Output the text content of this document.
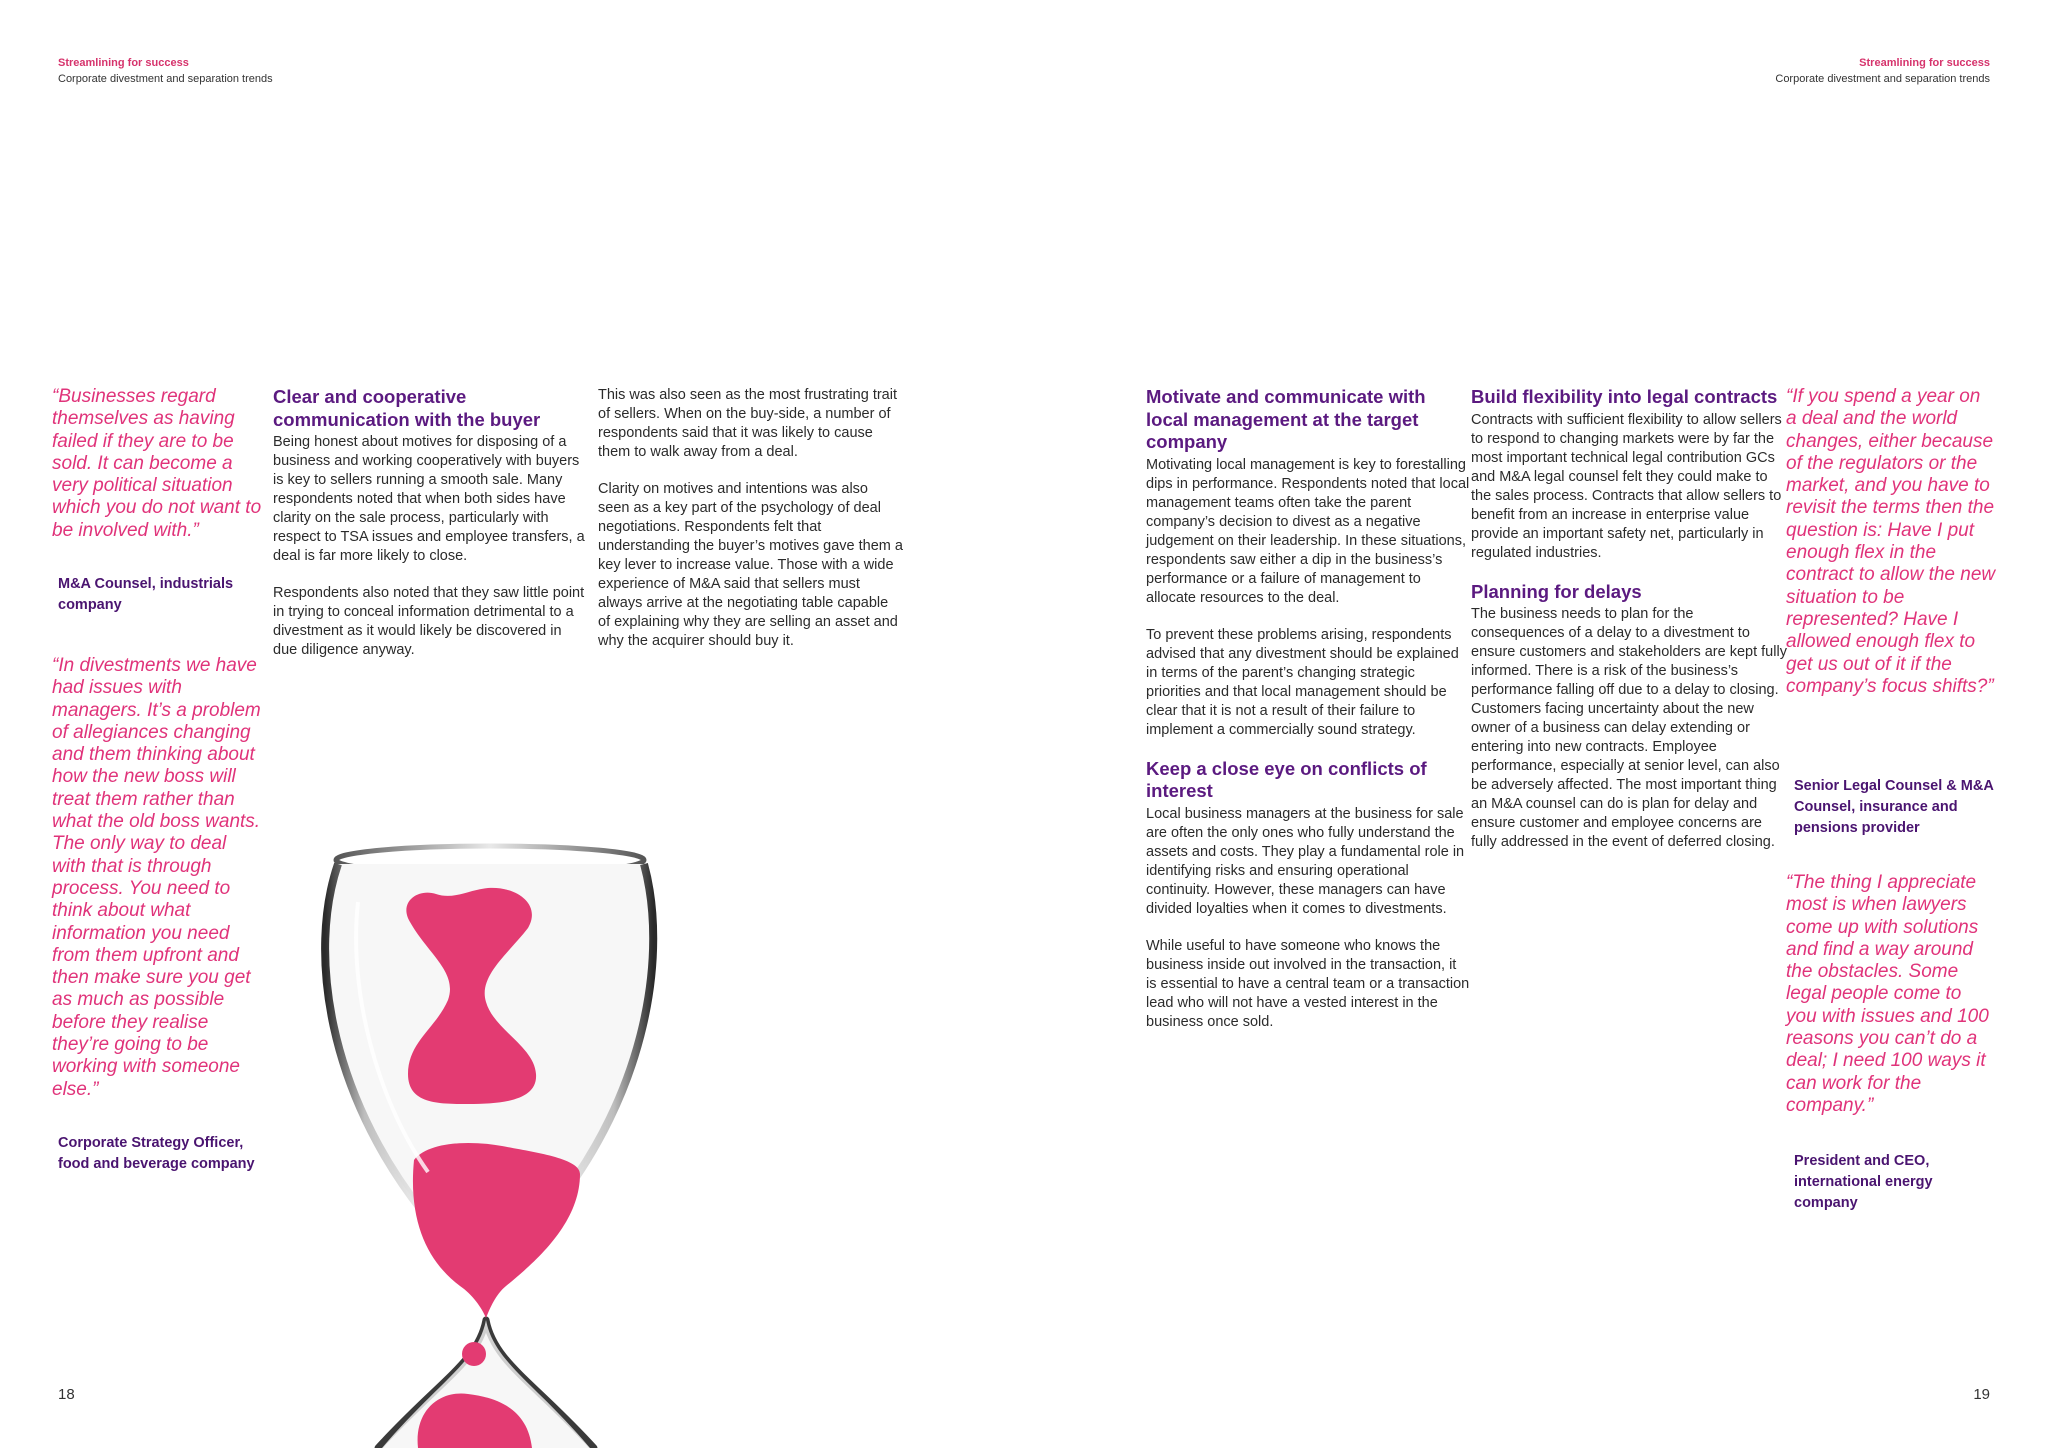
Streamlining for success
Corporate divestment and separation trends

“Businesses regard themselves as having failed if they are to be sold. It can become a very political situation which you do not want to be involved with.”

M&A Counsel, industrials company

“In divestments we have had issues with managers. It’s a problem of allegiances changing and them thinking about how the new boss will treat them rather than what the old boss wants. The only way to deal with that is through process. You need to think about what information you need from them upfront and then make sure you get as much as possible before they realise they’re going to be working with someone else.”

Corporate Strategy Officer, food and beverage company
Clear and cooperative communication with the buyer

Being honest about motives for disposing of a business and working cooperatively with buyers is key to sellers running a smooth sale. Many respondents noted that when both sides have clarity on the sale process, particularly with respect to TSA issues and employee transfers, a deal is far more likely to close.

Respondents also noted that they saw little point in trying to conceal information detrimental to a divestment as it would likely be discovered in due diligence anyway.

This was also seen as the most frustrating trait of sellers. When on the buy-side, a number of respondents said that it was likely to cause them to walk away from a deal.

Clarity on motives and intentions was also seen as a key part of the psychology of deal negotiations. Respondents felt that understanding the buyer’s motives gave them a key lever to increase value. Those with a wide experience of M&A said that sellers must always arrive at the negotiating table capable of explaining why they are selling an asset and why the acquirer should buy it.

18
Streamlining for success
Corporate divestment and separation trends
Motivate and communicate with local management at the target company

Motivating local management is key to forestalling dips in performance. Respondents noted that local management teams often take the parent company’s decision to divest as a negative judgement on their leadership. In these situations, respondents saw either a dip in the business’s performance or a failure of management to allocate resources to the deal.

To prevent these problems arising, respondents advised that any divestment should be explained in terms of the parent’s changing strategic priorities and that local management should be clear that it is not a result of their failure to implement a commercially sound strategy.

Keep a close eye on conflicts of interest

Local business managers at the business for sale are often the only ones who fully understand the assets and costs. They play a fundamental role in identifying risks and ensuring operational continuity. However, these managers can have divided loyalties when it comes to divestments.

While useful to have someone who knows the business inside out involved in the transaction, it is essential to have a central team or a transaction lead who will not have a vested interest in the business once sold.

Build flexibility into legal contracts

Contracts with sufficient flexibility to allow sellers to respond to changing markets were by far the most important technical legal contribution GCs and M&A legal counsel felt they could make to the sales process. Contracts that allow sellers to benefit from an increase in enterprise value provide an important safety net, particularly in regulated industries.

Planning for delays

The business needs to plan for the consequences of a delay to a divestment to ensure customers and stakeholders are kept fully informed. There is a risk of the business’s performance falling off due to a delay to closing. Customers facing uncertainty about the new owner of a business can delay extending or entering into new contracts. Employee performance, especially at senior level, can also be adversely affected. The most important thing an M&A counsel can do is plan for delay and ensure customer and employee concerns are fully addressed in the event of deferred closing.

“If you spend a year on a deal and the world changes, either because of the regulators or the market, and you have to revisit the terms then the question is: Have I put enough flex in the contract to allow the new situation to be represented? Have I allowed enough flex to get us out of it if the company’s focus shifts?”

Senior Legal Counsel & M&A Counsel, insurance and pensions provider

“The thing I appreciate most is when lawyers come up with solutions and find a way around the obstacles. Some legal people come to you with issues and 100 reasons you can’t do a deal; I need 100 ways it can work for the company.”

President and CEO, international energy company
19
